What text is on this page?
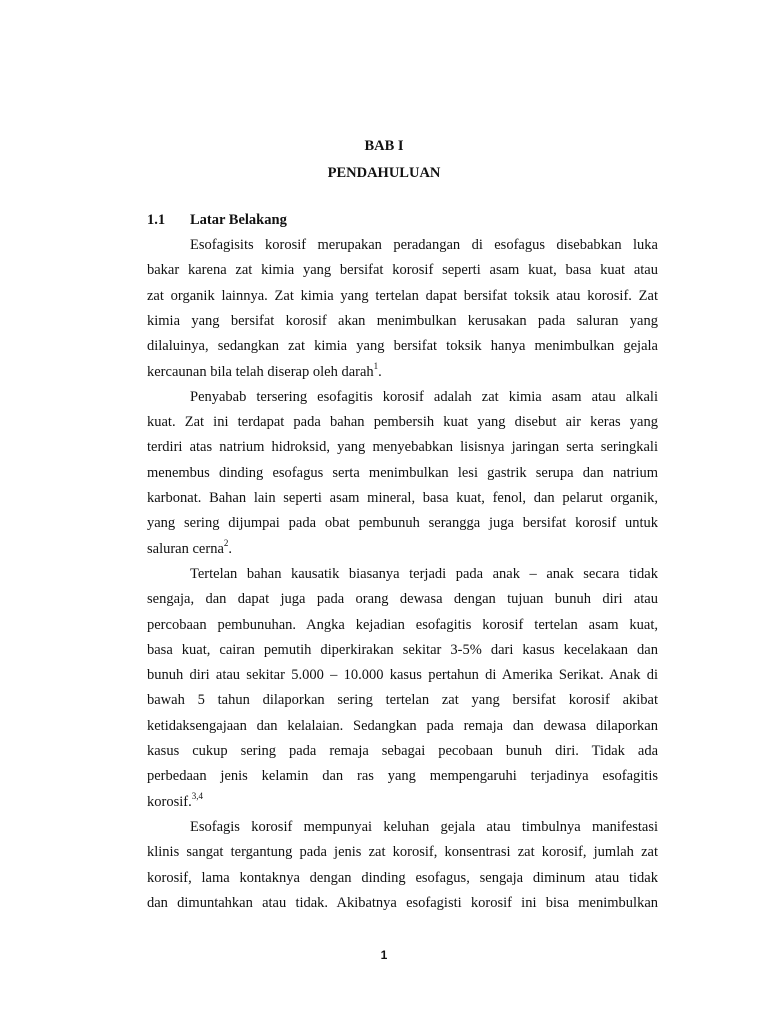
BAB I
PENDAHULUAN
1.1 Latar Belakang
Esofagisits korosif merupakan peradangan di esofagus disebabkan luka
bakar karena zat kimia yang bersifat korosif seperti asam kuat, basa kuat atau
zat organik lainnya. Zat kimia yang tertelan dapat bersifat toksik atau korosif. Zat
kimia yang bersifat korosif akan menimbulkan kerusakan pada saluran yang
dilaluinya, sedangkan zat kimia yang bersifat toksik hanya menimbulkan gejala
kercaunan bila telah diserap oleh darah$^1$.
Penyabab tersering esofagitis korosif adalah zat kimia asam atau alkali
kuat. Zat ini terdapat pada bahan pembersih kuat yang disebut air keras yang
terdiri atas natrium hidroksid, yang menyebabkan lisisnya jaringan serta seringkali
menembus dinding esofagus serta menimbulkan lesi gastrik serupa dan natrium
karbonat. Bahan lain seperti asam mineral, basa kuat, fenol, dan pelarut organik,
yang sering dijumpai pada obat pembunuh serangga juga bersifat korosif untuk
saluran cerna$^2$.
Tertelan bahan kausatik biasanya terjadi pada anak – anak secara tidak
sengaja, dan dapat juga pada orang dewasa dengan tujuan bunuh diri atau
percobaan pembunuhan. Angka kejadian esofagitis korosif tertelan asam kuat,
basa kuat, cairan pemutih diperkirakan sekitar 3-5% dari kasus kecelakaan dan
bunuh diri atau sekitar 5.000 – 10.000 kasus pertahun di Amerika Serikat. Anak di
bawah 5 tahun dilaporkan sering tertelan zat yang bersifat korosif akibat
ketidaksengajaan dan kelalaian. Sedangkan pada remaja dan dewasa dilaporkan
kasus cukup sering pada remaja sebagai pecobaan bunuh diri. Tidak ada
perbedaan jenis kelamin dan ras yang mempengaruhi terjadinya esofagitis
korosif.$^{3,4}$
Esofagis korosif mempunyai keluhan gejala atau timbulnya manifestasi
klinis sangat tergantung pada jenis zat korosif, konsentrasi zat korosif, jumlah zat
korosif, lama kontaknya dengan dinding esofagus, sengaja diminum atau tidak
dan dimuntahkan atau tidak. Akibatnya esofagisti korosif ini bisa menimbulkan
1
